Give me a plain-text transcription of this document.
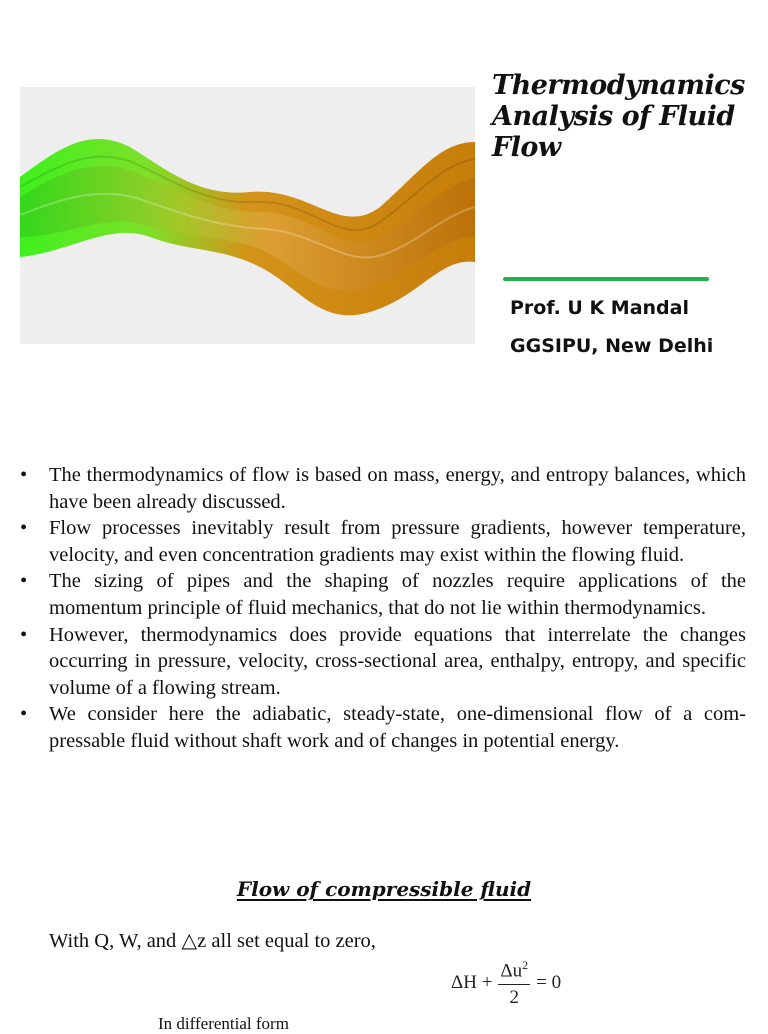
Thermodynamics
Analysis of Fluid
Flow
Prof. U K Mandal
GGSIPU, New Delhi
•	The thermodynamics of flow is based on mass, energy, and entropy balances, which have been already discussed.
•	Flow processes inevitably result from pressure gradients, however temperature, velocity, and even concentration gradients may exist within the flowing fluid.
•	The sizing of pipes and the shaping of nozzles require applications of the momentum principle of fluid mechanics, that do not lie within thermodynamics.
•	However, thermodynamics does provide equations that interrelate the changes occurring in pressure, velocity, cross-sectional area, enthalpy, entropy, and specific volume of a flowing stream.
•	We consider here the adiabatic, steady-state, one-dimensional flow of a compressable fluid without shaft work and of changes in potential energy.
Flow of compressible fluid
With Q, W, and △z all set equal to zero,
$\Delta H + \frac{\Delta u^2}{2} = 0$
In differential form
